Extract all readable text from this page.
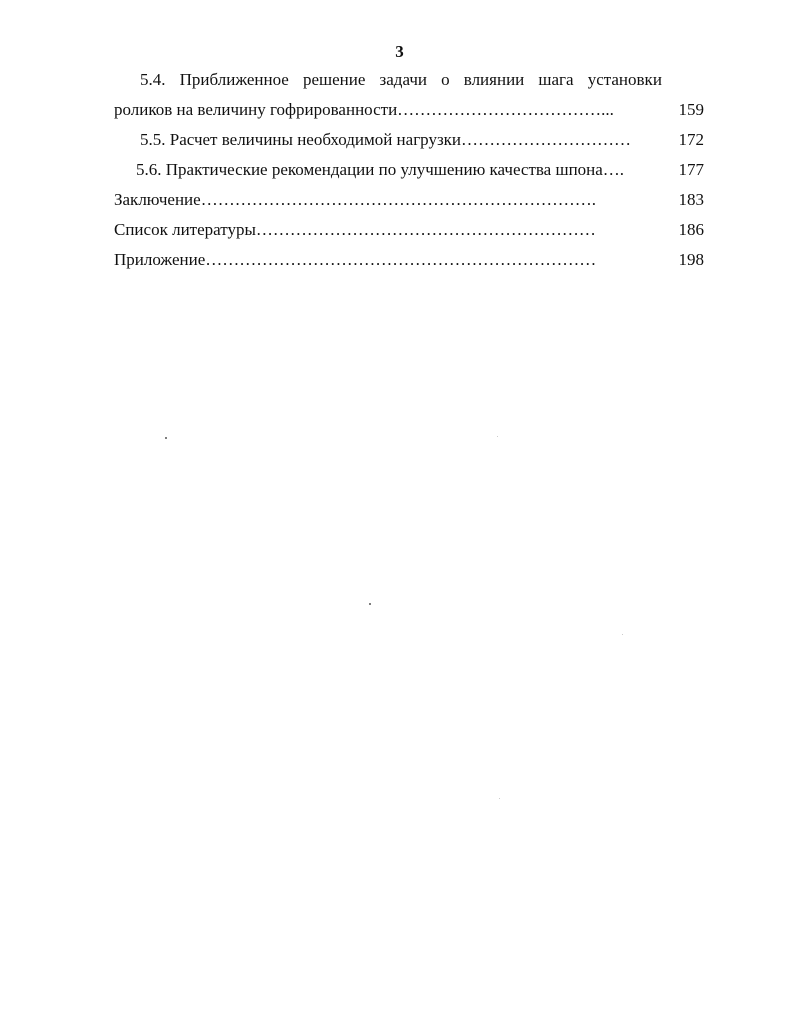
3
5.4. Приближенное решение задачи о влиянии шага установки
роликов на величину гофрированности………………………………...	159
5.5. Расчет величины необходимой нагрузки…………………………	172
5.6. Практические рекомендации по улучшению качества шпона….	177
Заключение…………………………………………………………….	183
Список литературы……………………………………………………	186
Приложение……………………………………………………………	198
